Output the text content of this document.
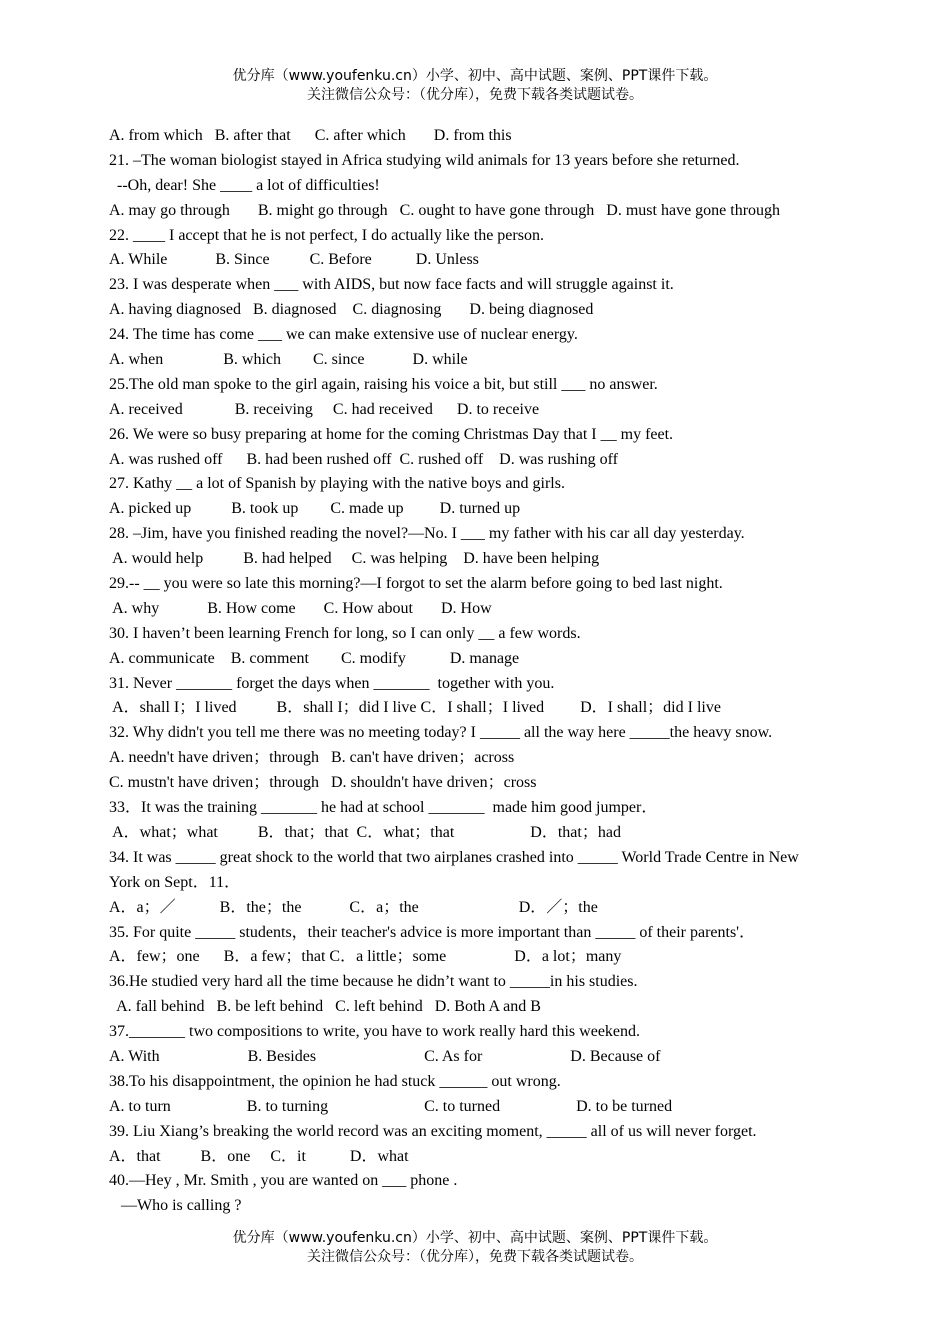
优分库（www.youfenku.cn）小学、初中、高中试题、案例、PPT课件下载。
关注微信公众号：（优分库），免费下载各类试题试卷。
A. from which   B. after that      C. after which       D. from this
21. –The woman biologist stayed in Africa studying wild animals for 13 years before she returned.
--Oh, dear! She ____ a lot of difficulties!
A. may go through       B. might go through   C. ought to have gone through   D. must have gone through
22. ____ I accept that he is not perfect, I do actually like the person.
A. While            B. Since          C. Before           D. Unless
23. I was desperate when ___ with AIDS, but now face facts and will struggle against it.
A. having diagnosed   B. diagnosed    C. diagnosing       D. being diagnosed
24. The time has come ___ we can make extensive use of nuclear energy.
A. when               B. which        C. since            D. while
25.The old man spoke to the girl again, raising his voice a bit, but still ___ no answer.
A. received             B. receiving     C. had received      D. to receive
26. We were so busy preparing at home for the coming Christmas Day that I __ my feet.
A. was rushed off      B. had been rushed off  C. rushed off    D. was rushing off
27. Kathy __ a lot of Spanish by playing with the native boys and girls.
A. picked up          B. took up        C. made up         D. turned up
28. –Jim, have you finished reading the novel?—No. I ___ my father with his car all day yesterday.
A. would help          B. had helped     C. was helping    D. have been helping
29.-- __ you were so late this morning?—I forgot to set the alarm before going to bed last night.
A. why            B. How come       C. How about       D. How
30. I haven’t been learning French for long, so I can only __ a few words.
A. communicate    B. comment        C. modify           D. manage
31. Never _______ forget the days when _______  together with you.
A．shall I；I lived          B．shall I；did I live C．I shall；I lived         D．I shall；did I live
32. Why didn't you tell me there was no meeting today? I _____ all the way here _____the heavy snow.
A. needn't have driven；through   B. can't have driven；across
C. mustn't have driven；through   D. shouldn't have driven；cross
33．It was the training _______ he had at school _______  made him good jumper．
A．what；what          B．that；that  C．what；that                   D．that；had
34. It was _____ great shock to the world that two airplanes crashed into _____ World Trade Centre in New
York on Sept．11．
A．a；／           B．the；the            C．a；the                         D．／；the
35. For quite _____ students，their teacher's advice is more important than _____ of their parents'．
A．few；one      B．a few；that C．a little；some                 D．a lot；many
36.He studied very hard all the time because he didn’t want to _____in his studies.
A. fall behind   B. be left behind   C. left behind   D. Both A and B
37._______ two compositions to write, you have to work really hard this weekend.
A. With                      B. Besides                           C. As for                      D. Because of
38.To his disappointment, the opinion he had stuck ______ out wrong.
A. to turn                   B. to turning                        C. to turned                   D. to be turned
39. Liu Xiang’s breaking the world record was an exciting moment, _____ all of us will never forget.
A．that          B．one     C．it           D．what
40.—Hey , Mr. Smith , you are wanted on ___ phone .
—Who is calling ?
优分库（www.youfenku.cn）小学、初中、高中试题、案例、PPT课件下载。
关注微信公众号：（优分库），免费下载各类试题试卷。
